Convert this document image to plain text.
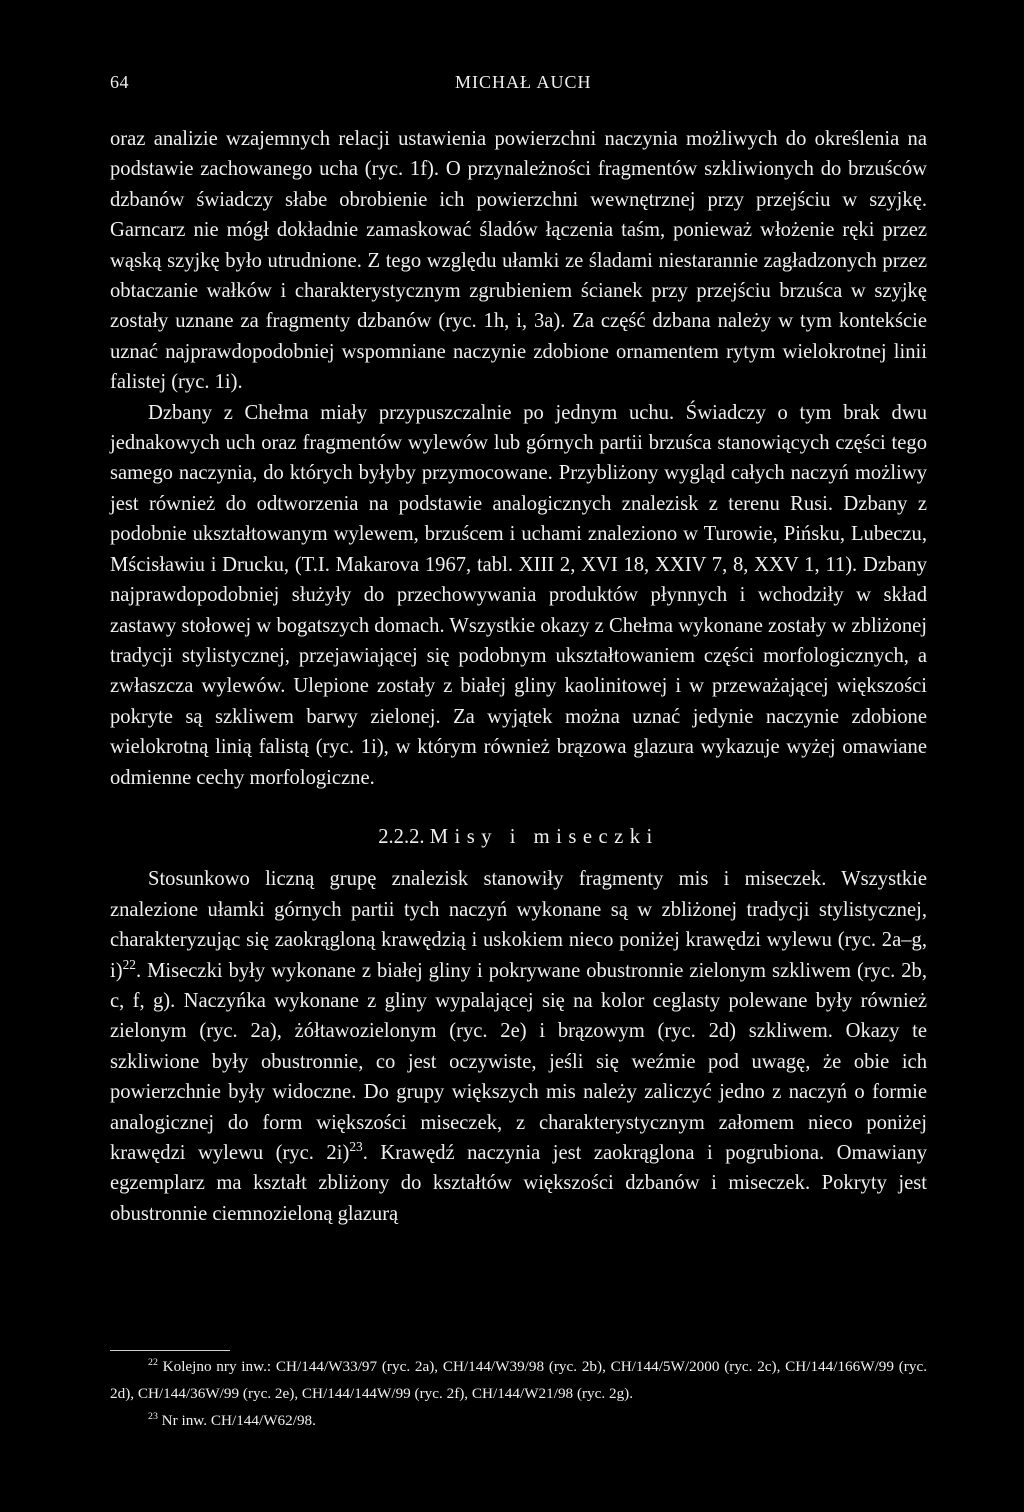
64	MICHAŁ AUCH

oraz analizie wzajemnych relacji ustawienia powierzchni naczynia możliwych do określenia na podstawie zachowanego ucha (ryc. 1f). O przynależności fragmentów szkliwionych do brzuśców dzbanów świadczy słabe obrobienie ich powierzchni wewnętrznej przy przejściu w szyjkę. Garncarz nie mógł dokładnie zamaskować śladów łączenia taśm, ponieważ włożenie ręki przez wąską szyjkę było utrudnione. Z tego względu ułamki ze śladami niestarannie zagładzonych przez obtaczanie wałków i charakterystycznym zgrubieniem ścianek przy przejściu brzuśca w szyjkę zostały uznane za fragmenty dzbanów (ryc. 1h, i, 3a). Za część dzbana należy w tym kontekście uznać najprawdopodobniej wspomniane naczynie zdobione ornamentem rytym wielokrotnej linii falistej (ryc. 1i).

Dzbany z Chełma miały przypuszczalnie po jednym uchu. Świadczy o tym brak dwu jednakowych uch oraz fragmentów wylewów lub górnych partii brzuśca stanowiących części tego samego naczynia, do których byłyby przymocowane. Przybliżony wygląd całych naczyń możliwy jest również do odtworzenia na podstawie analogicznych znalezisk z terenu Rusi. Dzbany z podobnie ukształtowanym wylewem, brzuścem i uchami znaleziono w Turowie, Pińsku, Lubeczu, Mścisławiu i Drucku, (T.I. Makarova 1967, tabl. XIII 2, XVI 18, XXIV 7, 8, XXV 1, 11). Dzbany najprawdopodobniej służyły do przechowywania produktów płynnych i wchodziły w skład zastawy stołowej w bogatszych domach. Wszystkie okazy z Chełma wykonane zostały w zbliżonej tradycji stylistycznej, przejawiającej się podobnym ukształtowaniem części morfologicznych, a zwłaszcza wylewów. Ulepione zostały z białej gliny kaolinitowej i w przeważającej większości pokryte są szkliwem barwy zielonej. Za wyjątek można uznać jedynie naczynie zdobione wielokrotną linią falistą (ryc. 1i), w którym również brązowa glazura wykazuje wyżej omawiane odmienne cechy morfologiczne.

2.2.2. Misy i miseczki

Stosunkowo liczną grupę znalezisk stanowiły fragmenty mis i miseczek. Wszystkie znalezione ułamki górnych partii tych naczyń wykonane są w zbliżonej tradycji stylistycznej, charakteryzując się zaokrągloną krawędzią i uskokiem nieco poniżej krawędzi wylewu (ryc. 2a–g, i)$^{22}$. Miseczki były wykonane z białej gliny i pokrywane obustronnie zielonym szkliwem (ryc. 2b, c, f, g). Naczyńka wykonane z gliny wypalającej się na kolor ceglasty polewane były również zielonym (ryc. 2a), żółtawozielonym (ryc. 2e) i brązowym (ryc. 2d) szkliwem. Okazy te szkliwione były obustronnie, co jest oczywiste, jeśli się weźmie pod uwagę, że obie ich powierzchnie były widoczne. Do grupy większych mis należy zaliczyć jedno z naczyń o formie analogicznej do form większości miseczek, z charakterystycznym załomem nieco poniżej krawędzi wylewu (ryc. 2i)$^{23}$. Krawędź naczynia jest zaokrąglona i pogrubiona. Omawiany egzemplarz ma kształt zbliżony do kształtów większości dzbanów i miseczek. Pokryty jest obustronnie ciemnozieloną glazurą

$^{22}$ Kolejno nry inw.: CH/144/W33/97 (ryc. 2a), CH/144/W39/98 (ryc. 2b), CH/144/5W/2000 (ryc. 2c), CH/144/166W/99 (ryc. 2d), CH/144/36W/99 (ryc. 2e), CH/144/144W/99 (ryc. 2f), CH/144/W21/98 (ryc. 2g).

$^{23}$ Nr inw. CH/144/W62/98.
